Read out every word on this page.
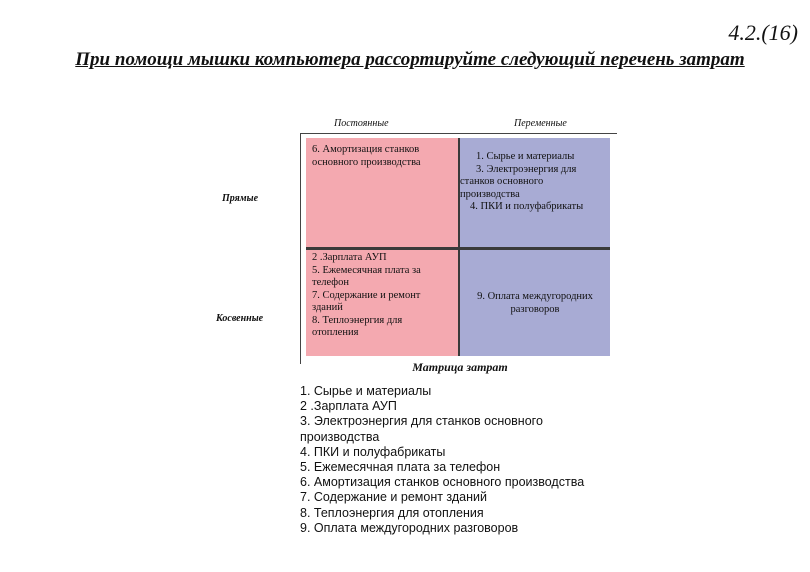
4.2.(16)
При помощи мышки компьютера рассортируйте следующий перечень затрат
Постоянные	Переменные
Прямые
Косвенные
6. Амортизация станков
основного производства	1. Сырье и материалы
3. Электроэнергия для
станков основного
производства
4. ПКИ и полуфабрикаты
2 .Зарплата АУП
5. Ежемесячная плата за
телефон
7. Содержание и ремонт
зданий
8. Теплоэнергия для
отопления
9. Оплата междугородних
разговоров
Матрица затрат
1. Сырье и материалы
2 .Зарплата АУП
3. Электроэнергия для станков основного
производства
4. ПКИ и полуфабрикаты
5. Ежемесячная плата за телефон
6. Амортизация станков основного производства
7. Содержание и ремонт зданий
8. Теплоэнергия для отопления
9. Оплата междугородних разговоров
